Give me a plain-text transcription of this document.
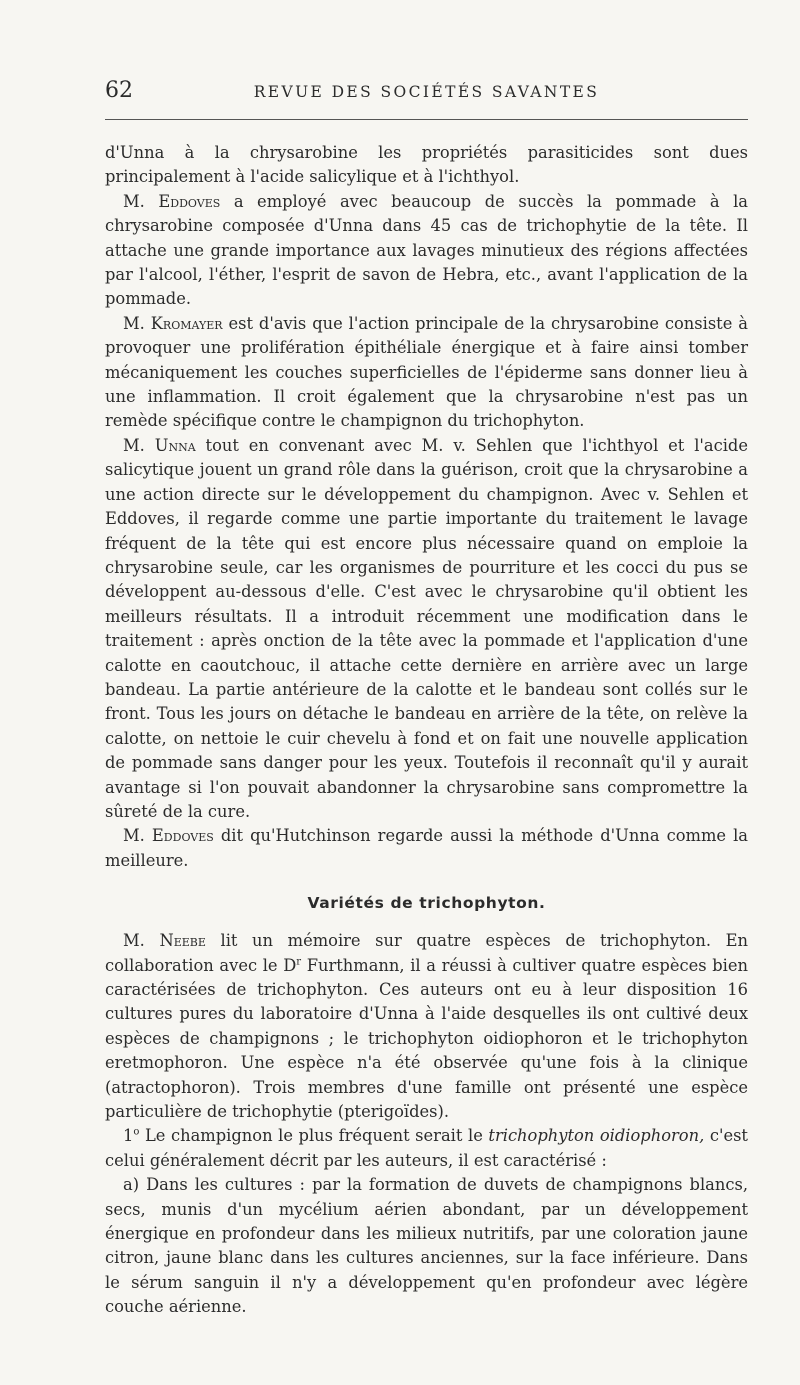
62	REVUE DES SOCIÉTÉS SAVANTES

d'Unna à la chrysarobine les propriétés parasiticides sont dues principalement à l'acide salicylique et à l'ichthyol.

M. Eddoves a employé avec beaucoup de succès la pommade à la chrysarobine composée d'Unna dans 45 cas de trichophytie de la tête. Il attache une grande importance aux lavages minutieux des régions affectées par l'alcool, l'éther, l'esprit de savon de Hebra, etc., avant l'application de la pommade.

M. Kromayer est d'avis que l'action principale de la chrysarobine consiste à provoquer une prolifération épithéliale énergique et à faire ainsi tomber mécaniquement les couches superficielles de l'épiderme sans donner lieu à une inflammation. Il croit également que la chrysarobine n'est pas un remède spécifique contre le champignon du trichophyton.

M. Unna tout en convenant avec M. v. Sehlen que l'ichthyol et l'acide salicytique jouent un grand rôle dans la guérison, croit que la chrysarobine a une action directe sur le développement du champignon. Avec v. Sehlen et Eddoves, il regarde comme une partie importante du traitement le lavage fréquent de la tête qui est encore plus nécessaire quand on emploie la chrysarobine seule, car les organismes de pourriture et les cocci du pus se développent au-dessous d'elle. C'est avec le chrysarobine qu'il obtient les meilleurs résultats. Il a introduit récemment une modification dans le traitement : après onction de la tête avec la pommade et l'application d'une calotte en caoutchouc, il attache cette dernière en arrière avec un large bandeau. La partie antérieure de la calotte et le bandeau sont collés sur le front. Tous les jours on détache le bandeau en arrière de la tête, on relève la calotte, on nettoie le cuir chevelu à fond et on fait une nouvelle application de pommade sans danger pour les yeux. Toutefois il reconnaît qu'il y aurait avantage si l'on pouvait abandonner la chrysarobine sans compromettre la sûreté de la cure.

M. Eddoves dit qu'Hutchinson regarde aussi la méthode d'Unna comme la meilleure.

Variétés de trichophyton.

M. Neebe lit un mémoire sur quatre espèces de trichophyton. En collaboration avec le $D^r$ Furthmann, il a réussi à cultiver quatre espèces bien caractérisées de trichophyton. Ces auteurs ont eu à leur disposition 16 cultures pures du laboratoire d'Unna à l'aide desquelles ils ont cultivé deux espèces de champignons ; le trichophyton oidiophoron et le trichophyton eretmophoron. Une espèce n'a été observée qu'une fois à la clinique (atractophoron). Trois membres d'une famille ont présenté une espèce particulière de trichophytie (pterigoïdes).

1$^o$ Le champignon le plus fréquent serait le trichophyton oidiophoron, c'est celui généralement décrit par les auteurs, il est caractérisé :

a) Dans les cultures : par la formation de duvets de champignons blancs, secs, munis d'un mycélium aérien abondant, par un développement énergique en profondeur dans les milieux nutritifs, par une coloration jaune citron, jaune blanc dans les cultures anciennes, sur la face inférieure. Dans le sérum sanguin il n'y a développement qu'en profondeur avec légère couche aérienne.
